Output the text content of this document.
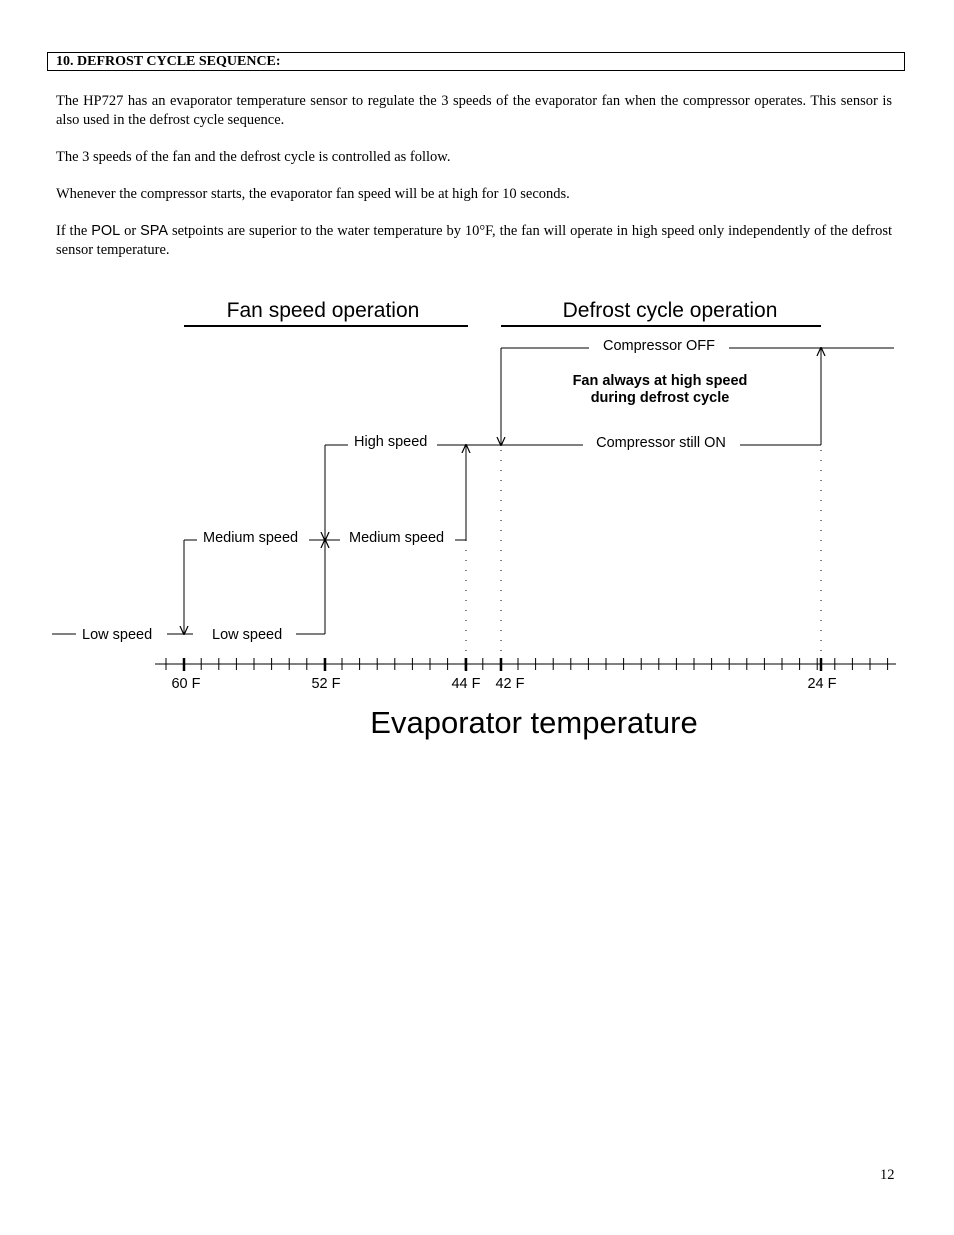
10. DEFROST CYCLE SEQUENCE:

The HP727 has an evaporator temperature sensor to regulate the 3 speeds of the evaporator fan when the compressor operates. This sensor is also used in the defrost cycle sequence.

The 3 speeds of the fan and the defrost cycle is controlled as follow.

Whenever the compressor starts, the evaporator fan speed will be at high for 10 seconds.

If the POL or SPA setpoints are superior to the water temperature by 10°F, the fan will operate in high speed only independently of the defrost sensor temperature.

Fan speed operation	Defrost cycle operation
Low speed	Low speed
Medium speed	Medium speed
High speed
Compressor OFF
Compressor still ON
Fan always at high speed
during defrost cycle
60 F	52 F	44 F 42 F	24 F
Evaporator temperature
12
